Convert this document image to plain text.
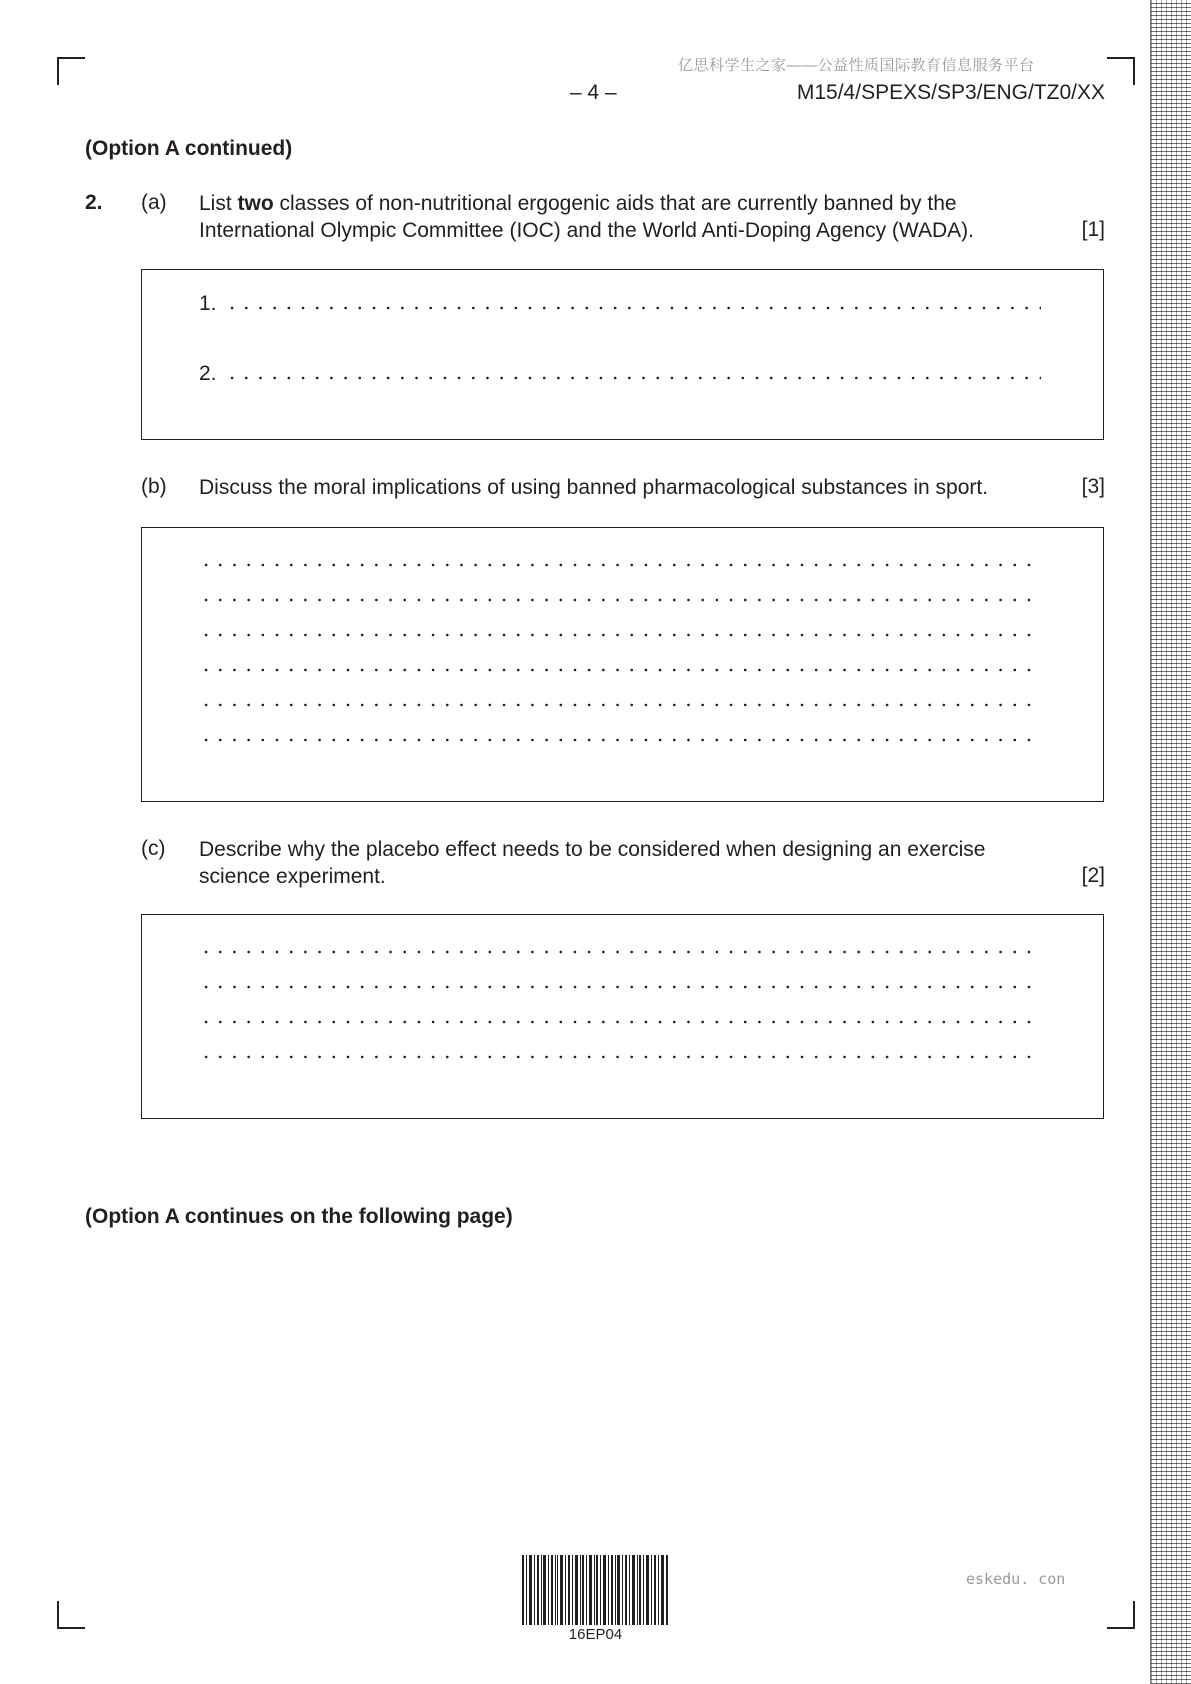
亿思科学生之家——公益性质国际教育信息服务平台
– 4 –	M15/4/SPEXS/SP3/ENG/TZ0/XX
(Option A continued)
2. (a) List two classes of non-nutritional ergogenic aids that are currently banned by the International Olympic Committee (IOC) and the World Anti-Doping Agency (WADA).	[1]
1.
2.
(b) Discuss the moral implications of using banned pharmacological substances in sport.	[3]
(c) Describe why the placebo effect needs to be considered when designing an exercise science experiment.	[2]
(Option A continues on the following page)
16EP04
eskedu. con
